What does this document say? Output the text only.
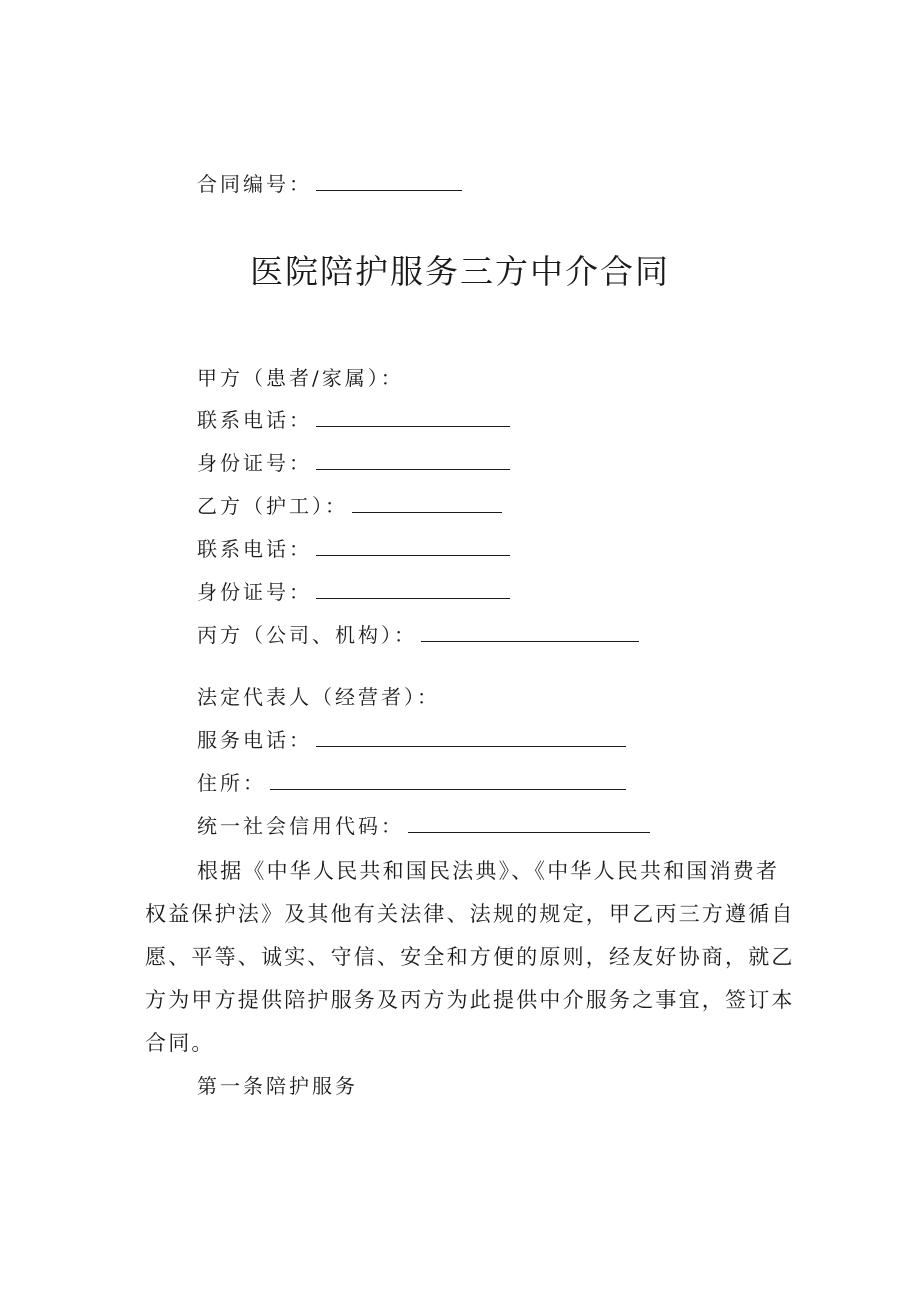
合同编号：
医院陪护服务三方中介合同
甲方（患者/家属）：
联系电话：
身份证号：
乙方（护工）：
联系电话：
身份证号：
丙方（公司、机构）：
法定代表人（经营者）：
服务电话：
住所：
统一社会信用代码：
根据《中华人民共和国民法典》、《中华人民共和国消费者
权益保护法》及其他有关法律、法规的规定，甲乙丙三方遵循自
愿、平等、诚实、守信、安全和方便的原则，经友好协商，就乙
方为甲方提供陪护服务及丙方为此提供中介服务之事宜，签订本
合同。
第一条陪护服务
